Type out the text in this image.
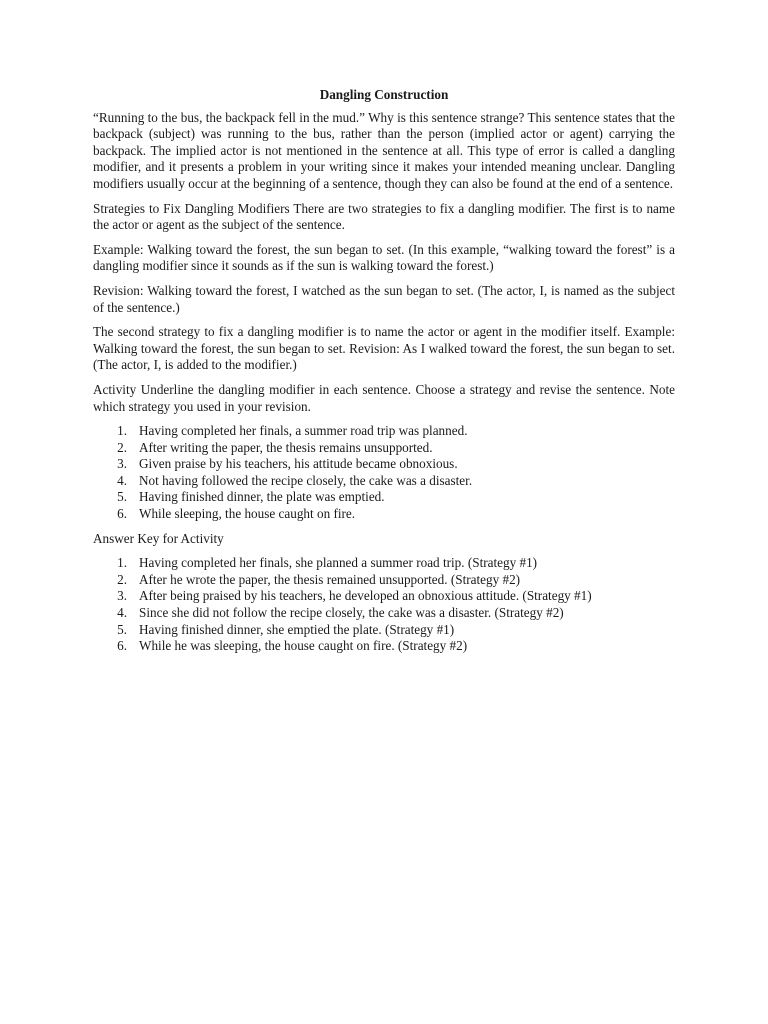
Dangling Construction

“Running to the bus, the backpack fell in the mud.” Why is this sentence strange? This sentence states that the backpack (subject) was running to the bus, rather than the person (implied actor or agent) carrying the backpack. The implied actor is not mentioned in the sentence at all. This type of error is called a dangling modifier, and it presents a problem in your writing since it makes your intended meaning unclear. Dangling modifiers usually occur at the beginning of a sentence, though they can also be found at the end of a sentence.

Strategies to Fix Dangling Modifiers There are two strategies to fix a dangling modifier. The first is to name the actor or agent as the subject of the sentence.

Example: Walking toward the forest, the sun began to set. (In this example, “walking toward the forest” is a dangling modifier since it sounds as if the sun is walking toward the forest.)

Revision: Walking toward the forest, I watched as the sun began to set. (The actor, I, is named as the subject of the sentence.)

The second strategy to fix a dangling modifier is to name the actor or agent in the modifier itself. Example: Walking toward the forest, the sun began to set. Revision: As I walked toward the forest, the sun began to set. (The actor, I, is added to the modifier.)

Activity Underline the dangling modifier in each sentence. Choose a strategy and revise the sentence. Note which strategy you used in your revision.

1. Having completed her finals, a summer road trip was planned.
2. After writing the paper, the thesis remains unsupported.
3. Given praise by his teachers, his attitude became obnoxious.
4. Not having followed the recipe closely, the cake was a disaster.
5. Having finished dinner, the plate was emptied.
6. While sleeping, the house caught on fire.

Answer Key for Activity

1. Having completed her finals, she planned a summer road trip. (Strategy #1)
2. After he wrote the paper, the thesis remained unsupported. (Strategy #2)
3. After being praised by his teachers, he developed an obnoxious attitude. (Strategy #1)
4. Since she did not follow the recipe closely, the cake was a disaster. (Strategy #2)
5. Having finished dinner, she emptied the plate. (Strategy #1)
6. While he was sleeping, the house caught on fire. (Strategy #2)
